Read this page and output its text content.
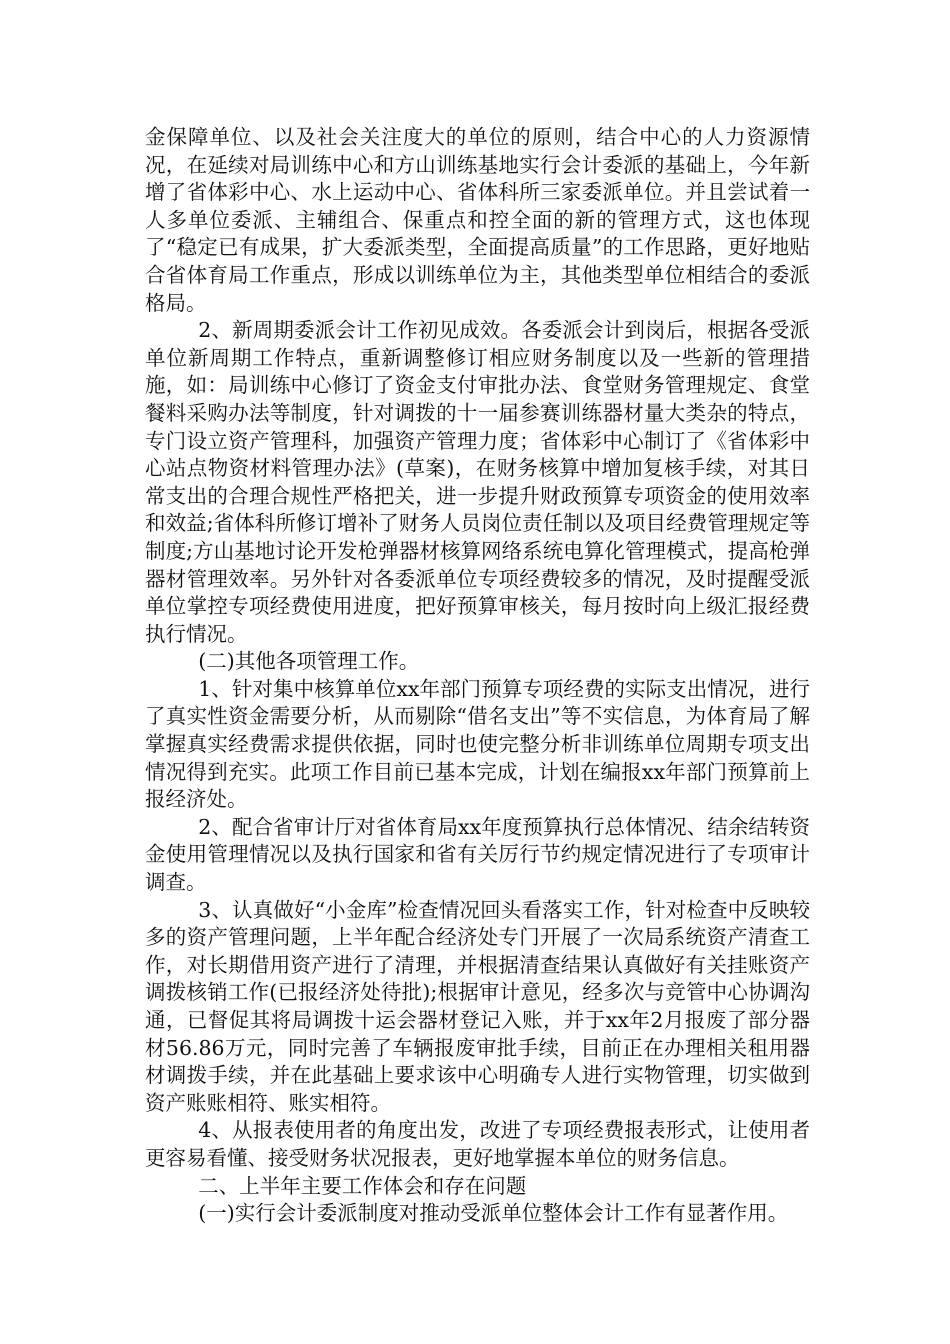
金保障单位、以及社会关注度大的单位的原则，结合中心的人力资源情况，在延续对局训练中心和方山训练基地实行会计委派的基础上，今年新增了省体彩中心、水上运动中心、省体科所三家委派单位。并且尝试着一人多单位委派、主辅组合、保重点和控全面的新的管理方式，这也体现了“稳定已有成果，扩大委派类型，全面提高质量”的工作思路，更好地贴合省体育局工作重点，形成以训练单位为主，其他类型单位相结合的委派格局。

2、新周期委派会计工作初见成效。各委派会计到岗后，根据各受派单位新周期工作特点，重新调整修订相应财务制度以及一些新的管理措施，如：局训练中心修订了资金支付审批办法、食堂财务管理规定、食堂餐料采购办法等制度，针对调拨的十一届参赛训练器材量大类杂的特点，专门设立资产管理科，加强资产管理力度；省体彩中心制订了《省体彩中心站点物资材料管理办法》(草案)，在财务核算中增加复核手续，对其日常支出的合理合规性严格把关，进一步提升财政预算专项资金的使用效率和效益;省体科所修订增补了财务人员岗位责任制以及项目经费管理规定等制度;方山基地讨论开发枪弹器材核算网络系统电算化管理模式，提高枪弹器材管理效率。另外针对各委派单位专项经费较多的情况，及时提醒受派单位掌控专项经费使用进度，把好预算审核关，每月按时向上级汇报经费执行情况。

(二)其他各项管理工作。

1、针对集中核算单位xx年部门预算专项经费的实际支出情况，进行了真实性资金需要分析，从而剔除“借名支出”等不实信息，为体育局了解掌握真实经费需求提供依据，同时也使完整分析非训练单位周期专项支出情况得到充实。此项工作目前已基本完成，计划在编报xx年部门预算前上报经济处。

2、配合省审计厅对省体育局xx年度预算执行总体情况、结余结转资金使用管理情况以及执行国家和省有关厉行节约规定情况进行了专项审计调查。

3、认真做好“小金库”检查情况回头看落实工作，针对检查中反映较多的资产管理问题，上半年配合经济处专门开展了一次局系统资产清查工作，对长期借用资产进行了清理，并根据清查结果认真做好有关挂账资产调拨核销工作(已报经济处待批);根据审计意见，经多次与竞管中心协调沟通，已督促其将局调拨十运会器材登记入账，并于xx年2月报废了部分器材56.86万元，同时完善了车辆报废审批手续，目前正在办理相关租用器材调拨手续，并在此基础上要求该中心明确专人进行实物管理，切实做到资产账账相符、账实相符。

4、从报表使用者的角度出发，改进了专项经费报表形式，让使用者更容易看懂、接受财务状况报表，更好地掌握本单位的财务信息。

二、上半年主要工作体会和存在问题

(一)实行会计委派制度对推动受派单位整体会计工作有显著作用。
